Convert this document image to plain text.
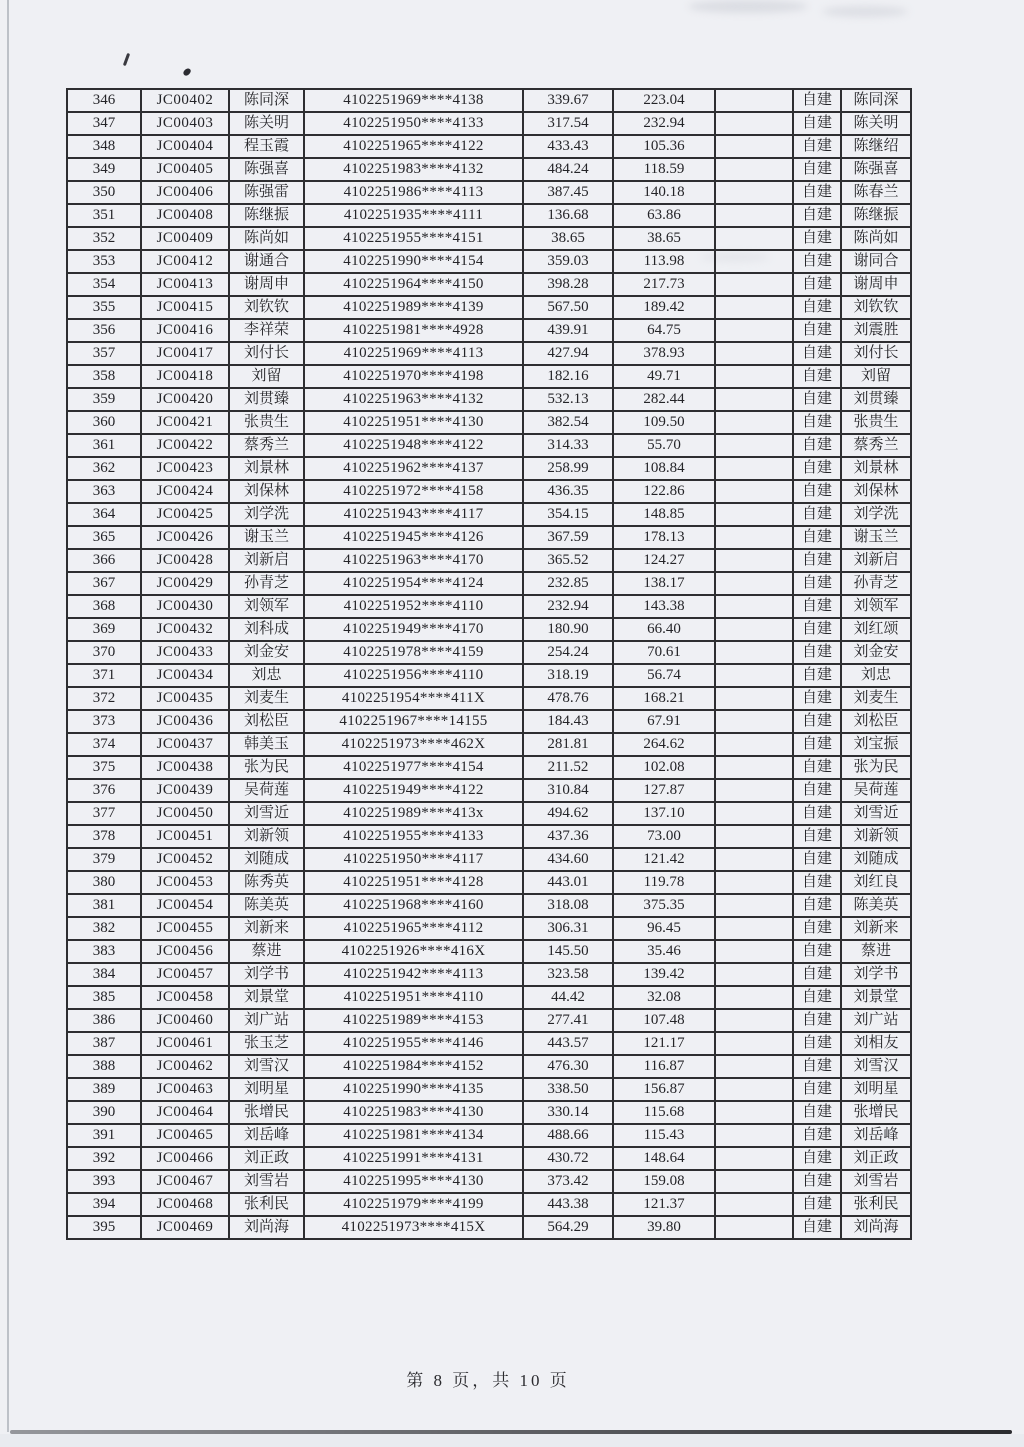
346	JC00402	陈同深	4102251969****4138	339.67	223.04		自建	陈同深
347	JC00403	陈关明	4102251950****4133	317.54	232.94		自建	陈关明
348	JC00404	程玉霞	4102251965****4122	433.43	105.36		自建	陈继绍
349	JC00405	陈强喜	4102251983****4132	484.24	118.59		自建	陈强喜
350	JC00406	陈强雷	4102251986****4113	387.45	140.18		自建	陈春兰
351	JC00408	陈继振	4102251935****4111	136.68	63.86		自建	陈继振
352	JC00409	陈尚如	4102251955****4151	38.65	38.65		自建	陈尚如
353	JC00412	谢通合	4102251990****4154	359.03	113.98		自建	谢同合
354	JC00413	谢周申	4102251964****4150	398.28	217.73		自建	谢周申
355	JC00415	刘钦钦	4102251989****4139	567.50	189.42		自建	刘钦钦
356	JC00416	李祥荣	4102251981****4928	439.91	64.75		自建	刘震胜
357	JC00417	刘付长	4102251969****4113	427.94	378.93		自建	刘付长
358	JC00418	刘留	4102251970****4198	182.16	49.71		自建	刘留
359	JC00420	刘贯臻	4102251963****4132	532.13	282.44		自建	刘贯臻
360	JC00421	张贵生	4102251951****4130	382.54	109.50		自建	张贵生
361	JC00422	蔡秀兰	4102251948****4122	314.33	55.70		自建	蔡秀兰
362	JC00423	刘景林	4102251962****4137	258.99	108.84		自建	刘景林
363	JC00424	刘保林	4102251972****4158	436.35	122.86		自建	刘保林
364	JC00425	刘学洗	4102251943****4117	354.15	148.85		自建	刘学洗
365	JC00426	谢玉兰	4102251945****4126	367.59	178.13		自建	谢玉兰
366	JC00428	刘新启	4102251963****4170	365.52	124.27		自建	刘新启
367	JC00429	孙青芝	4102251954****4124	232.85	138.17		自建	孙青芝
368	JC00430	刘领军	4102251952****4110	232.94	143.38		自建	刘领军
369	JC00432	刘科成	4102251949****4170	180.90	66.40		自建	刘红颂
370	JC00433	刘金安	4102251978****4159	254.24	70.61		自建	刘金安
371	JC00434	刘忠	4102251956****4110	318.19	56.74		自建	刘忠
372	JC00435	刘麦生	4102251954****411X	478.76	168.21		自建	刘麦生
373	JC00436	刘松臣	4102251967****14155	184.43	67.91		自建	刘松臣
374	JC00437	韩美玉	4102251973****462X	281.81	264.62		自建	刘宝振
375	JC00438	张为民	4102251977****4154	211.52	102.08		自建	张为民
376	JC00439	吴荷莲	4102251949****4122	310.84	127.87		自建	吴荷莲
377	JC00450	刘雪近	4102251989****413x	494.62	137.10		自建	刘雪近
378	JC00451	刘新领	4102251955****4133	437.36	73.00		自建	刘新领
379	JC00452	刘随成	4102251950****4117	434.60	121.42		自建	刘随成
380	JC00453	陈秀英	4102251951****4128	443.01	119.78		自建	刘红良
381	JC00454	陈美英	4102251968****4160	318.08	375.35		自建	陈美英
382	JC00455	刘新来	4102251965****4112	306.31	96.45		自建	刘新来
383	JC00456	蔡进	4102251926****416X	145.50	35.46		自建	蔡进
384	JC00457	刘学书	4102251942****4113	323.58	139.42		自建	刘学书
385	JC00458	刘景堂	4102251951****4110	44.42	32.08		自建	刘景堂
386	JC00460	刘广站	4102251989****4153	277.41	107.48		自建	刘广站
387	JC00461	张玉芝	4102251955****4146	443.57	121.17		自建	刘相友
388	JC00462	刘雪汉	4102251984****4152	476.30	116.87		自建	刘雪汉
389	JC00463	刘明星	4102251990****4135	338.50	156.87		自建	刘明星
390	JC00464	张增民	4102251983****4130	330.14	115.68		自建	张增民
391	JC00465	刘岳峰	4102251981****4134	488.66	115.43		自建	刘岳峰
392	JC00466	刘正政	4102251991****4131	430.72	148.64		自建	刘正政
393	JC00467	刘雪岩	4102251995****4130	373.42	159.08		自建	刘雪岩
394	JC00468	张利民	4102251979****4199	443.38	121.37		自建	张利民
395	JC00469	刘尚海	4102251973****415X	564.29	39.80		自建	刘尚海
第 8 页，共 10 页
